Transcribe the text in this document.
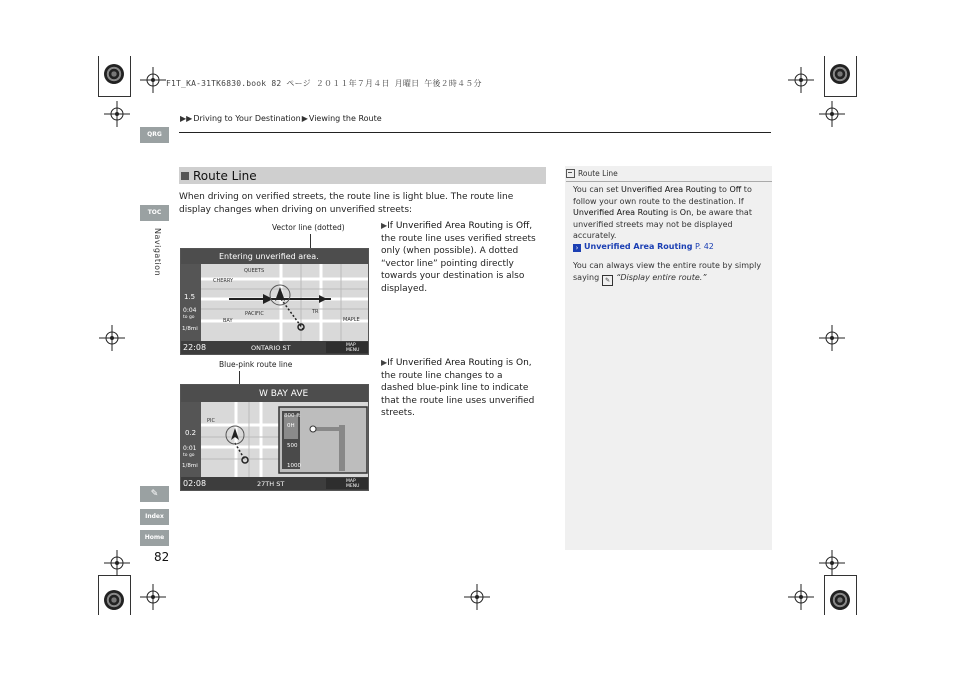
F1T_KA-31TK6830.book 82 ページ ２０１１年７月４日 月曜日 午後２時４５分
▶▶ Driving to Your Destination ▶ Viewing the Route
QRG
TOC
Navigation
✎
Index
Home
82
Route Line
When driving on verified streets, the route line is light blue. The route line display changes when driving on unverified streets:
Vector line (dotted)
Entering unverified area.
22:08	ONTARIO ST
1.5
0:04
to go
1/8mi
QUEETS
CHERRY
PACIFIC
BAY
TR
MAPLE
MAP MENU
▶If Unverified Area Routing is Off, the route line uses verified streets only (when possible). A dotted “vector line” pointing directly towards your destination is also displayed.
Blue-pink route line
W BAY AVE
02:08	27TH ST
0.2
0:01
to go
1/8mi
PIC
800 ft
0H
500
1000
MAP MENU
▶If Unverified Area Routing is On, the route line changes to a dashed blue-pink line to indicate that the route line uses unverified streets.
Route Line
You can set Unverified Area Routing to Off to follow your own route to the destination. If Unverified Area Routing is On, be aware that unverified streets may not be displayed accurately.
› Unverified Area Routing P. 42
You can always view the entire route by simply saying ✎ “Display entire route.”
